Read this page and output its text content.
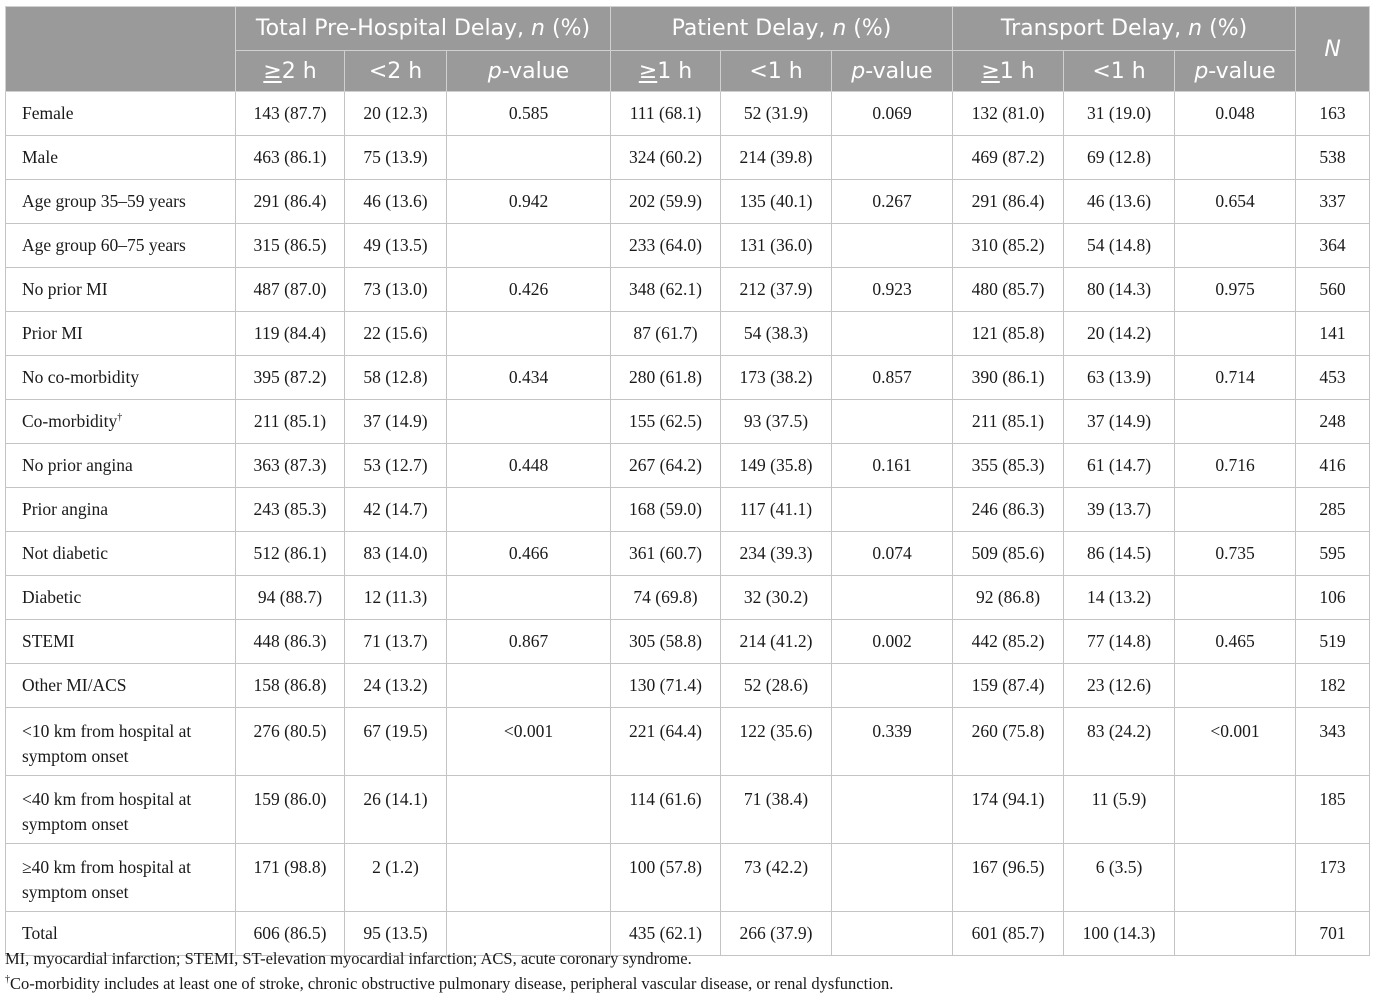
	Total Pre-Hospital Delay, n (%)			Patient Delay, n (%)			Transport Delay, n (%)			N
	≥2 h	<2 h	p-value	≥1 h	<1 h	p-value	≥1 h	<1 h	p-value	

Female	143 (87.7)	20 (12.3)	0.585	111 (68.1)	52 (31.9)	0.069	132 (81.0)	31 (19.0)	0.048	163

Male	463 (86.1)	75 (13.9)		324 (60.2)	214 (39.8)		469 (87.2)	69 (12.8)		538

Age group 35–59 years	291 (86.4)	46 (13.6)	0.942	202 (59.9)	135 (40.1)	0.267	291 (86.4)	46 (13.6)	0.654	337

Age group 60–75 years	315 (86.5)	49 (13.5)		233 (64.0)	131 (36.0)		310 (85.2)	54 (14.8)		364

No prior MI	487 (87.0)	73 (13.0)	0.426	348 (62.1)	212 (37.9)	0.923	480 (85.7)	80 (14.3)	0.975	560

Prior MI	119 (84.4)	22 (15.6)		87 (61.7)	54 (38.3)		121 (85.8)	20 (14.2)		141

No co-morbidity	395 (87.2)	58 (12.8)	0.434	280 (61.8)	173 (38.2)	0.857	390 (86.1)	63 (13.9)	0.714	453

Co-morbidity†	211 (85.1)	37 (14.9)		155 (62.5)	93 (37.5)		211 (85.1)	37 (14.9)		248

No prior angina	363 (87.3)	53 (12.7)	0.448	267 (64.2)	149 (35.8)	0.161	355 (85.3)	61 (14.7)	0.716	416

Prior angina	243 (85.3)	42 (14.7)		168 (59.0)	117 (41.1)		246 (86.3)	39 (13.7)		285

Not diabetic	512 (86.1)	83 (14.0)	0.466	361 (60.7)	234 (39.3)	0.074	509 (85.6)	86 (14.5)	0.735	595

Diabetic	94 (88.7)	12 (11.3)		74 (69.8)	32 (30.2)		92 (86.8)	14 (13.2)		106

STEMI	448 (86.3)	71 (13.7)	0.867	305 (58.8)	214 (41.2)	0.002	442 (85.2)	77 (14.8)	0.465	519

Other MI/ACS	158 (86.8)	24 (13.2)		130 (71.4)	52 (28.6)		159 (87.4)	23 (12.6)		182

<10 km from hospital at symptom onset	276 (80.5)	67 (19.5)	<0.001	221 (64.4)	122 (35.6)	0.339	260 (75.8)	83 (24.2)	<0.001	343

<40 km from hospital at symptom onset	159 (86.0)	26 (14.1)		114 (61.6)	71 (38.4)		174 (94.1)	11 (5.9)		185

≥40 km from hospital at symptom onset	171 (98.8)	2 (1.2)		100 (57.8)	73 (42.2)		167 (96.5)	6 (3.5)		173

Total	606 (86.5)	95 (13.5)		435 (62.1)	266 (37.9)		601 (85.7)	100 (14.3)		701

MI, myocardial infarction; STEMI, ST-elevation myocardial infarction; ACS, acute coronary syndrome.

†Co-morbidity includes at least one of stroke, chronic obstructive pulmonary disease, peripheral vascular disease, or renal dysfunction.
